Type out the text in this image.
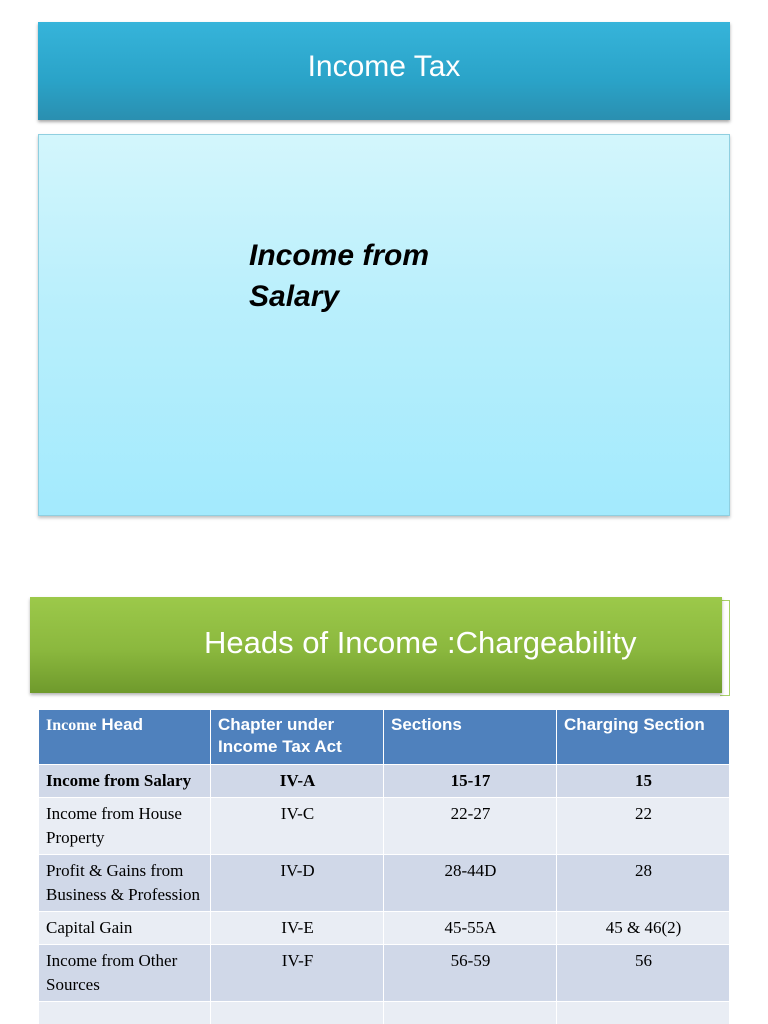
Income Tax
Income from Salary
Heads of Income :Chargeability
Income Head	Chapter under Income Tax Act	Sections	Charging Section
Income from Salary	IV-A	15-17	15
Income from House Property	IV-C	22-27	22
Profit & Gains from Business & Profession	IV-D	28-44D	28
Capital Gain	IV-E	45-55A	45 & 46(2)
Income from Other Sources	IV-F	56-59	56
